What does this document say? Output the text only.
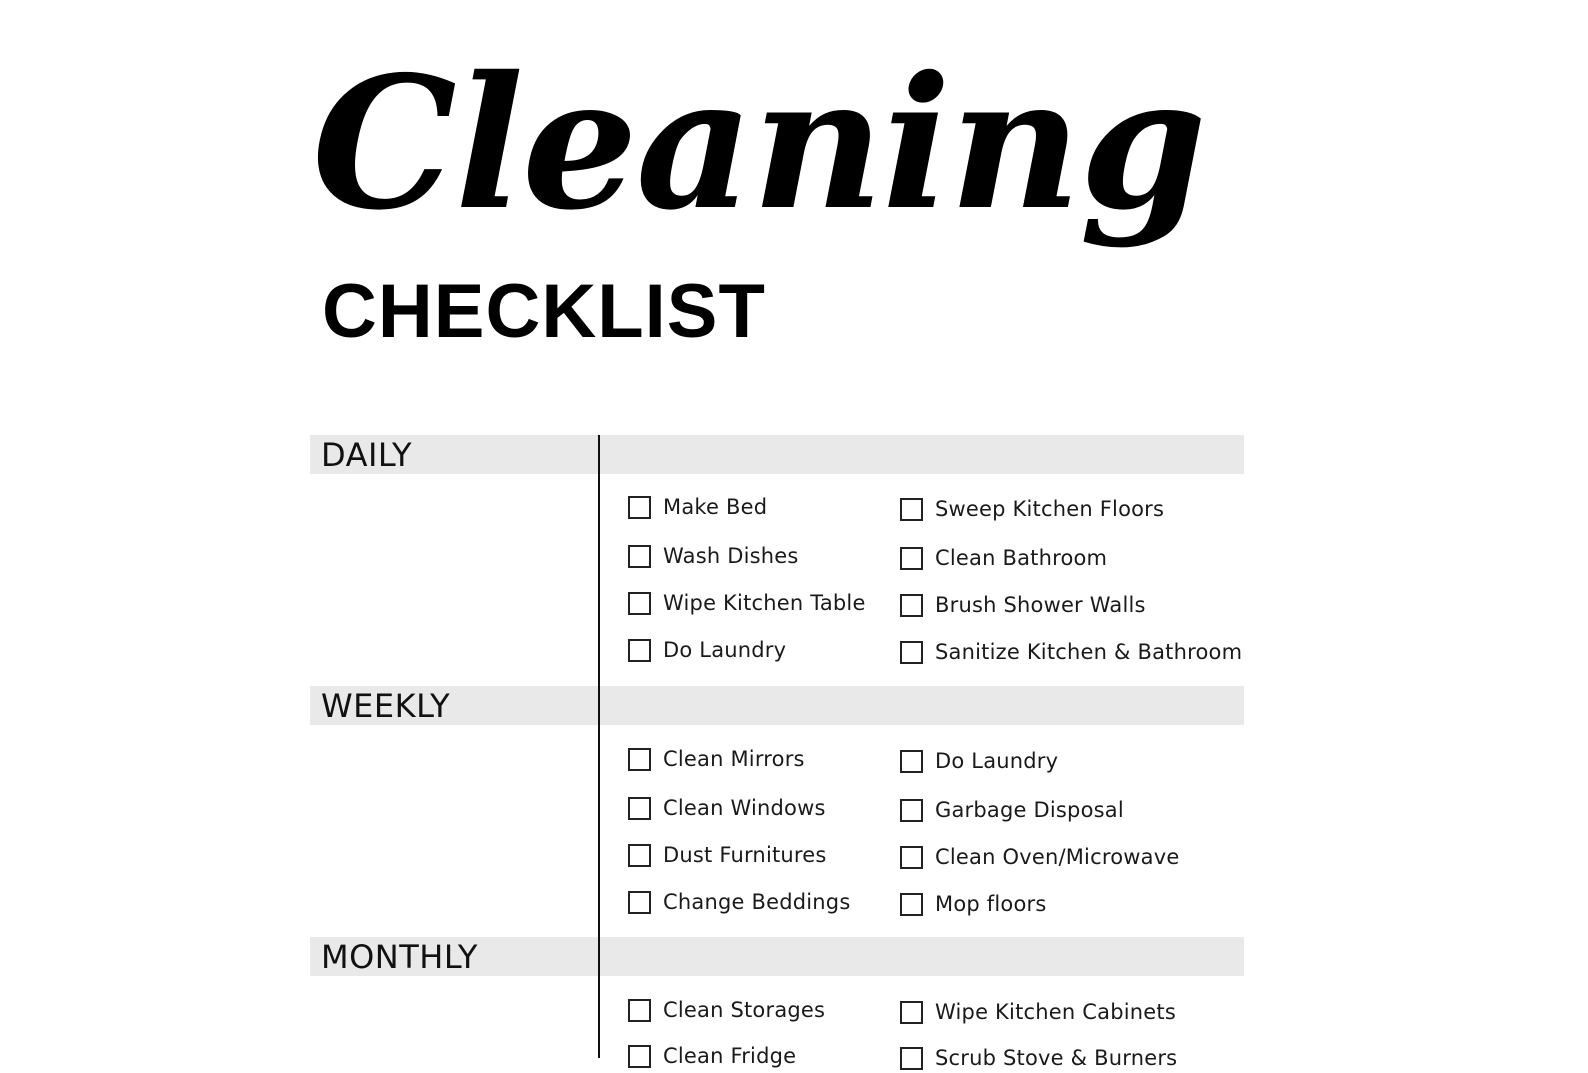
Cleaning
CHECKLIST
DAILY
Make Bed
Wash Dishes
Wipe Kitchen Table
Do Laundry
Sweep Kitchen Floors
Clean Bathroom
Brush Shower Walls
Sanitize Kitchen & Bathroom
WEEKLY
Clean Mirrors
Clean Windows
Dust Furnitures
Change Beddings
Do Laundry
Garbage Disposal
Clean Oven/Microwave
Mop floors
MONTHLY
Clean Storages
Clean Fridge
Wipe Kitchen Cabinets
Scrub Stove & Burners
